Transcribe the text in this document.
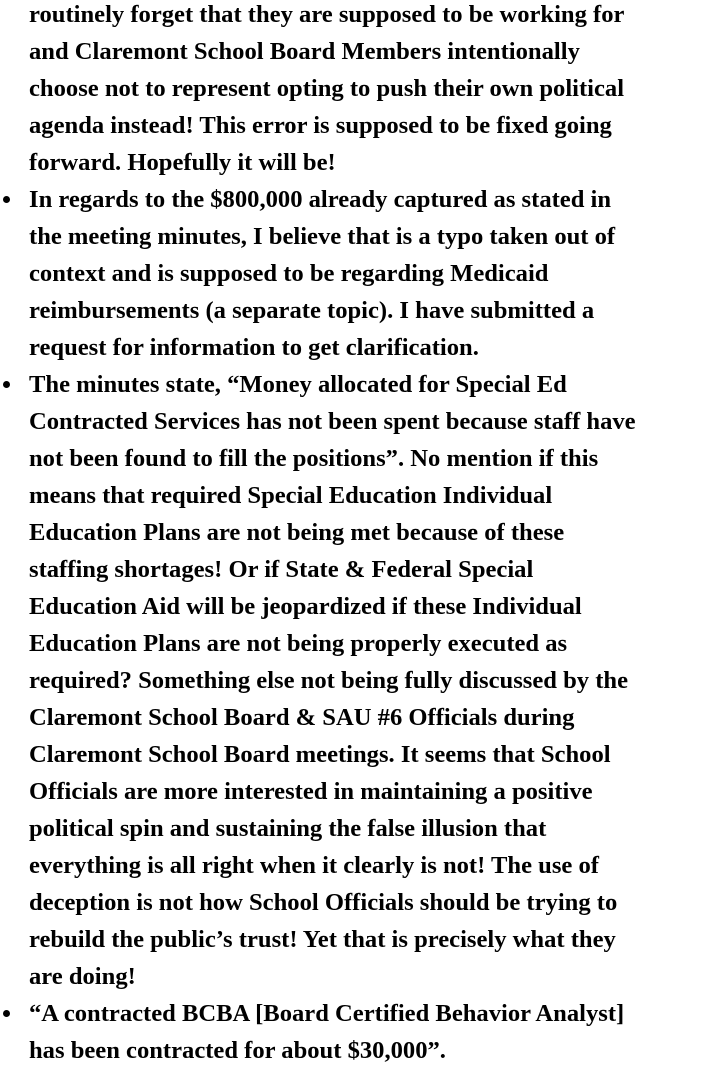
routinely forget that they are supposed to be working for
and Claremont School Board Members intentionally
choose not to represent opting to push their own political
agenda instead! This error is supposed to be fixed going
forward. Hopefully it will be!
In regards to the $800,000 already captured as stated in
the meeting minutes, I believe that is a typo taken out of
context and is supposed to be regarding Medicaid
reimbursements (a separate topic). I have submitted a
request for information to get clarification.
The minutes state, “Money allocated for Special Ed
Contracted Services has not been spent because staff have
not been found to fill the positions”. No mention if this
means that required Special Education Individual
Education Plans are not being met because of these
staffing shortages! Or if State & Federal Special
Education Aid will be jeopardized if these Individual
Education Plans are not being properly executed as
required? Something else not being fully discussed by the
Claremont School Board & SAU #6 Officials during
Claremont School Board meetings. It seems that School
Officials are more interested in maintaining a positive
political spin and sustaining the false illusion that
everything is all right when it clearly is not! The use of
deception is not how School Officials should be trying to
rebuild the public’s trust! Yet that is precisely what they
are doing!
“A contracted BCBA [Board Certified Behavior Analyst]
has been contracted for about $30,000”.
